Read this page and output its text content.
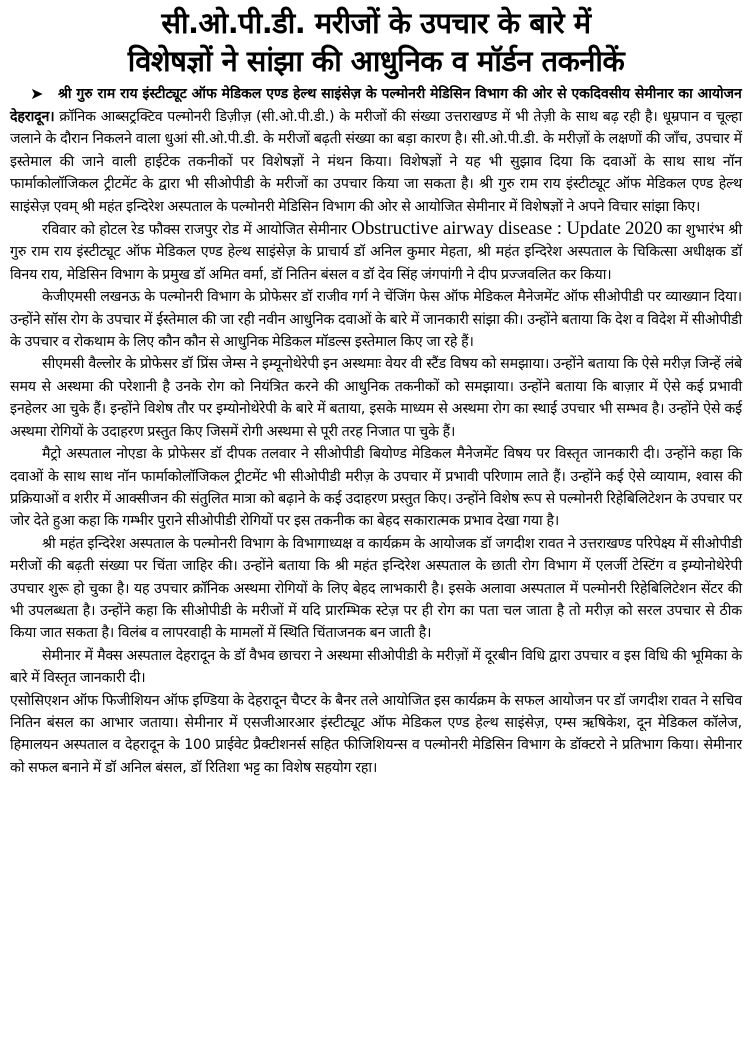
सी.ओ.पी.डी. मरीजों के उपचार के बारे में
विशेषज्ञों ने सांझा की आधुनिक व मॉर्डन तकनीकें
➤	श्री गुरु राम राय इंस्टीट्यूट ऑफ मेडिकल एण्ड हेल्थ साइंसेज़ के पल्मोनरी मेडिसिन विभाग की ओर से एकदिवसीय सेमीनार का आयोजन

देहरादून। क्रॉनिक आब्सट्रक्टिव पल्मोनरी डिज़ीज़ (सी.ओ.पी.डी.) के मरीजों की संख्या उत्तराखण्ड में भी तेज़ी के साथ बढ़ रही है। धूम्रपान व चूल्हा जलाने के दौरान निकलने वाला धुआं सी.ओ.पी.डी. के मरीजों बढ़ती संख्या का बड़ा कारण है। सी.ओ.पी.डी. के मरीज़ों के लक्षणों की जाँच, उपचार में इस्तेमाल की जाने वाली हाईटेक तकनीकों पर विशेषज्ञों ने मंथन किया। विशेषज्ञों ने यह भी सुझाव दिया कि दवाओं के साथ साथ नॉन फार्माकोलॉजिकल ट्रीटमेंट के द्वारा भी सीओपीडी के मरीजों का उपचार किया जा सकता है। श्री गुरु राम राय इंस्टीट्यूट ऑफ मेडिकल एण्ड हेल्थ साइंसेज़ एवम् श्री महंत इन्दिरेश अस्पताल के पल्मोनरी मेडिसिन विभाग की ओर से आयोजित सेमीनार में विशेषज्ञों ने अपने विचार सांझा किए।

रविवार को होटल रेड फौक्स राजपुर रोड में आयोजित सेमीनार Obstructive airway disease : Update 2020 का शुभारंभ श्री गुरु राम राय इंस्टीट्यूट ऑफ मेडिकल एण्ड हेल्थ साइंसेज़ के प्राचार्य डॉ अनिल कुमार मेहता, श्री महंत इन्दिरेश अस्पताल के चिकित्सा अधीक्षक डॉ विनय राय, मेडिसिन विभाग के प्रमुख डॉ अमित वर्मा, डॉ नितिन बंसल व डॉ देव सिंह जंगपांगी ने दीप प्रज्जवलित कर किया।

केजीएमसी लखनऊ के पल्मोनरी विभाग के प्रोफेसर डॉ राजीव गर्ग ने चेंजिंग फेस ऑफ मेडिकल मैनेजमेंट ऑफ सीओपीडी पर व्याख्यान दिया। उन्होंने सॉस रोग के उपचार में ईस्तेमाल की जा रही नवीन आधुनिक दवाओं के बारे में जानकारी सांझा की। उन्होंने बताया कि देश व विदेश में सीओपीडी के उपचार व रोकथाम के लिए कौन कौन से आधुनिक मेडिकल मॉडल्स इस्तेमाल किए जा रहे हैं।

सीएमसी वैल्लोर के प्रोफेसर डॉ प्रिंस जेम्स ने इम्यूनोथेरेपी इन अस्थमाः वेयर वी स्टैंड विषय को समझाया। उन्होंने बताया कि ऐसे मरीज़ जिन्हें लंबे समय से अस्थमा की परेशानी है उनके रोग को नियंत्रित करने की आधुनिक तकनीकों को समझाया। उन्होंने बताया कि बाज़ार में ऐसे कई प्रभावी इनहेलर आ चुके हैं। इन्होंने विशेष तौर पर इम्योनोथेरेपी के बारे में बताया, इसके माध्यम से अस्थमा रोग का स्थाई उपचार भी सम्भव है। उन्होंने ऐसे कई अस्थमा रोगियों के उदाहरण प्रस्तुत किए जिसमें रोगी अस्थमा से पूरी तरह निजात पा चुके हैं।

मैट्रो अस्पताल नोएडा के प्रोफेसर डॉ दीपक तलवार ने सीओपीडी बियोण्ड मेडिकल मैनेजमेंट विषय पर विस्तृत जानकारी दी। उन्होंने कहा कि दवाओं के साथ साथ नॉन फार्माकोलॉजिकल ट्रीटमेंट भी सीओपीडी मरीज़ के उपचार में प्रभावी परिणाम लाते हैं। उन्होंने कई ऐसे व्यायाम, श्वास की प्रक्रियाओं व शरीर में आक्सीजन की संतुलित मात्रा को बढ़ाने के कई उदाहरण प्रस्तुत किए। उन्होंने विशेष रूप से पल्मोनरी रिहेबिलिटेशन के उपचार पर जोर देते हुआ कहा कि गम्भीर पुराने सीओपीडी रोगियों पर इस तकनीक का बेहद सकारात्मक प्रभाव देखा गया है।

श्री महंत इन्दिरेश अस्पताल के पल्मोनरी विभाग के विभागाध्यक्ष व कार्यक्रम के आयोजक डॉ जगदीश रावत ने उत्तराखण्ड परिपेक्ष्य में सीओपीडी मरीजों की बढ़ती संख्या पर चिंता जाहिर की। उन्होंने बताया कि श्री महंत इन्दिरेश अस्पताल के छाती रोग विभाग में एलर्जी टेस्टिंग व इम्योनोथेरेपी उपचार शुरू हो चुका है। यह उपचार क्रॉनिक अस्थमा रोगियों के लिए बेहद लाभकारी है। इसके अलावा अस्पताल में पल्मोनरी रिहेबिलिटेशन सेंटर की भी उपलब्धता है। उन्होंने कहा कि सीओपीडी के मरीजों में यदि प्रारम्भिक स्टेज़ पर ही रोग का पता चल जाता है तो मरीज़ को सरल उपचार से ठीक किया जात सकता है। विलंब व लापरवाही के मामलों में स्थिति चिंताजनक बन जाती है।

सेमीनार में मैक्स अस्पताल देहरादून के डॉ वैभव छाचरा ने अस्थमा सीओपीडी के मरीज़ों में दूरबीन विधि द्वारा उपचार व इस विधि की भूमिका के बारे में विस्तृत जानकारी दी।

एसोसिएशन ऑफ फिजीशियन ऑफ इण्डिया के देहरादून चैप्टर के बैनर तले आयोजित इस कार्यक्रम के सफल आयोजन पर डॉ जगदीश रावत ने सचिव नितिन बंसल का आभार जताया। सेमीनार में एसजीआरआर इंस्टीट्यूट ऑफ मेडिकल एण्ड हेल्थ साइंसेज़, एम्स ऋषिकेश, दून मेडिकल कॉलेज, हिमालयन अस्पताल व देहरादून के 100 प्राईवेट प्रैक्टीशनर्स सहित फीजिशियन्स व पल्मोनरी मेडिसिन विभाग के डॉक्टरो ने प्रतिभाग किया। सेमीनार को सफल बनाने में डॉ अनिल बंसल, डॉ रितिशा भट्ट का विशेष सहयोग रहा।
